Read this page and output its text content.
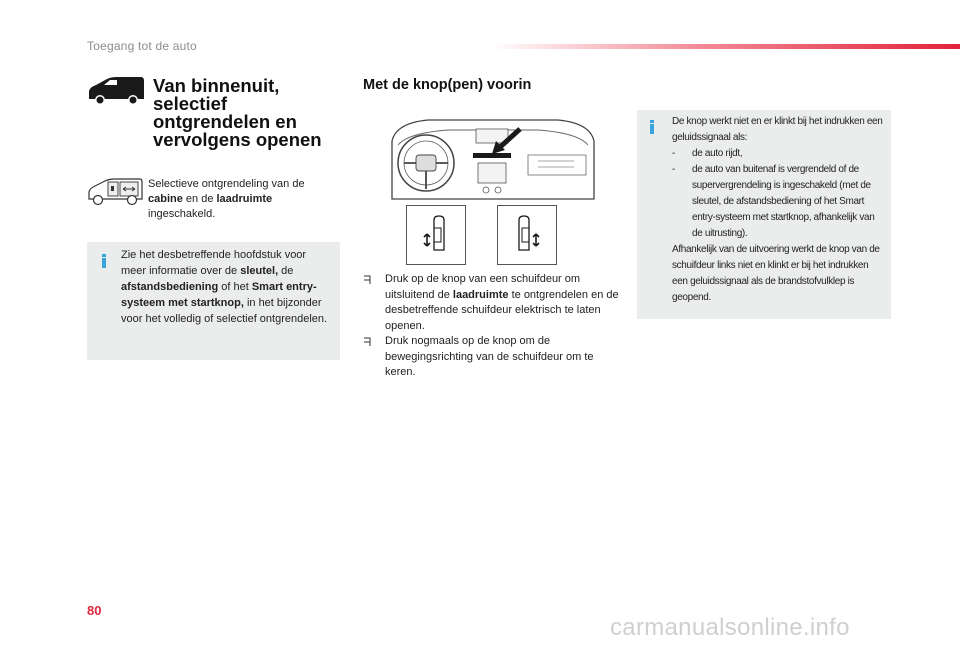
Toegang tot de auto
Van binnenuit,
selectief
ontgrendelen en
vervolgens openen
Selectieve ontgrendeling van de cabine en de laadruimte ingeschakeld.
Zie het desbetreffende hoofdstuk voor meer informatie over de sleutel, de afstandsbediening of het Smart entry-systeem met startknop, in het bijzonder voor het volledig of selectief ontgrendelen.
Met de knop(pen) voorin
Druk op de knop van een schuifdeur om uitsluitend de laadruimte te ontgrendelen en de desbetreffende schuifdeur elektrisch te laten openen.
Druk nogmaals op de knop om de bewegingsrichting van de schuifdeur om te keren.
De knop werkt niet en er klinkt bij het indrukken een geluidssignaal als:
-	de auto rijdt,
-	de auto van buitenaf is vergrendeld of de supervergrendeling is ingeschakeld (met de sleutel, de afstandsbediening of het Smart entry-systeem met startknop, afhankelijk van de uitrusting).
Afhankelijk van de uitvoering werkt de knop van de schuifdeur links niet en klinkt er bij het indrukken een geluidssignaal als de brandstofvulklep is geopend.
80
carmanualsonline.info
